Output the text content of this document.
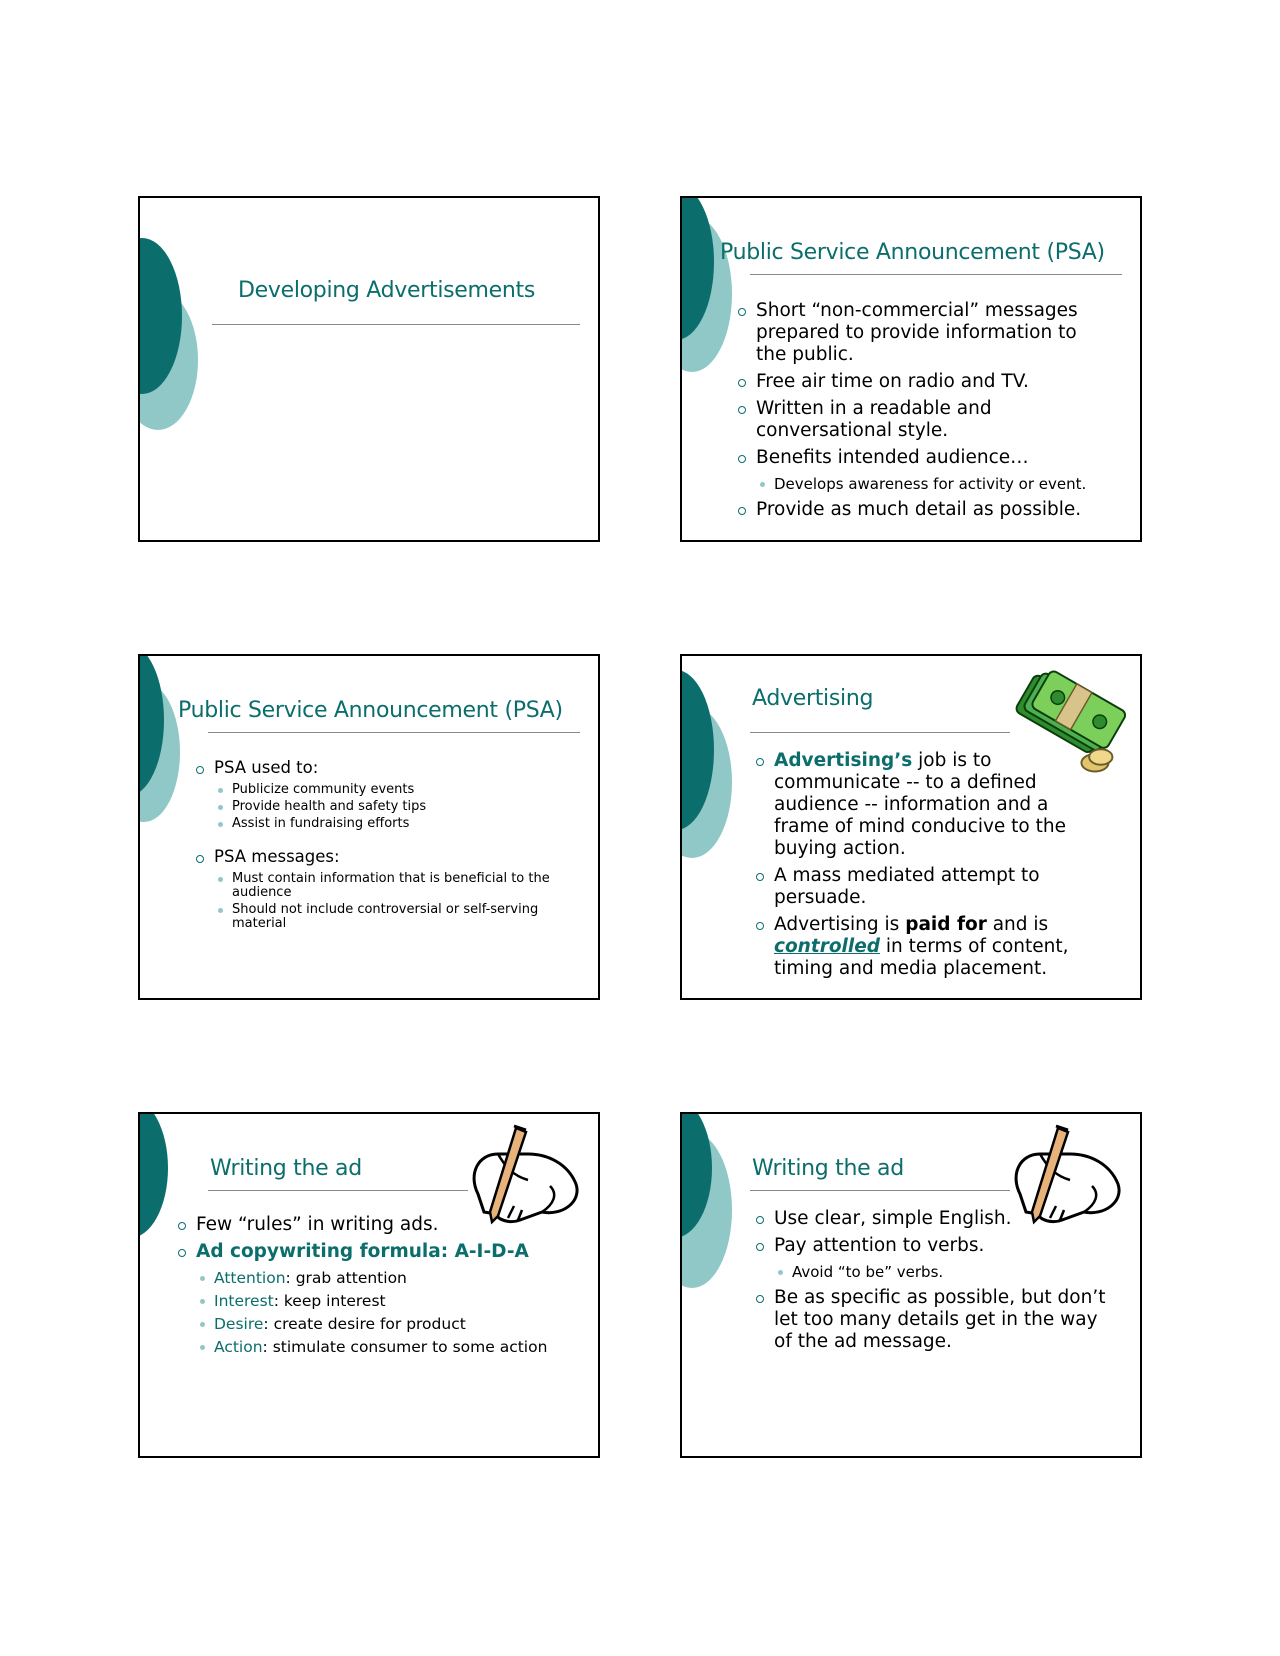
Developing Advertisements
Public Service Announcement (PSA)
Short “non-commercial” messages prepared to provide information to the public.
Free air time on radio and TV.
Written in a readable and conversational style.
Benefits intended audience…
Develops awareness for activity or event.
Provide as much detail as possible.
Public Service Announcement (PSA)
PSA used to:
Publicize community events
Provide health and safety tips
Assist in fundraising efforts
PSA messages:
Must contain information that is beneficial to the audience
Should not include controversial or self-serving material
Advertising
Advertising’s job is to communicate -- to a defined audience -- information and a frame of mind conducive to the buying action.
A mass mediated attempt to persuade.
Advertising is paid for and is controlled in terms of content, timing and media placement.
Writing the ad
Few “rules” in writing ads.
Ad copywriting formula: A-I-D-A
Attention: grab attention
Interest: keep interest
Desire: create desire for product
Action: stimulate consumer to some action
Writing the ad
Use clear, simple English.
Pay attention to verbs.
Avoid “to be” verbs.
Be as specific as possible, but don’t let too many details get in the way of the ad message.
